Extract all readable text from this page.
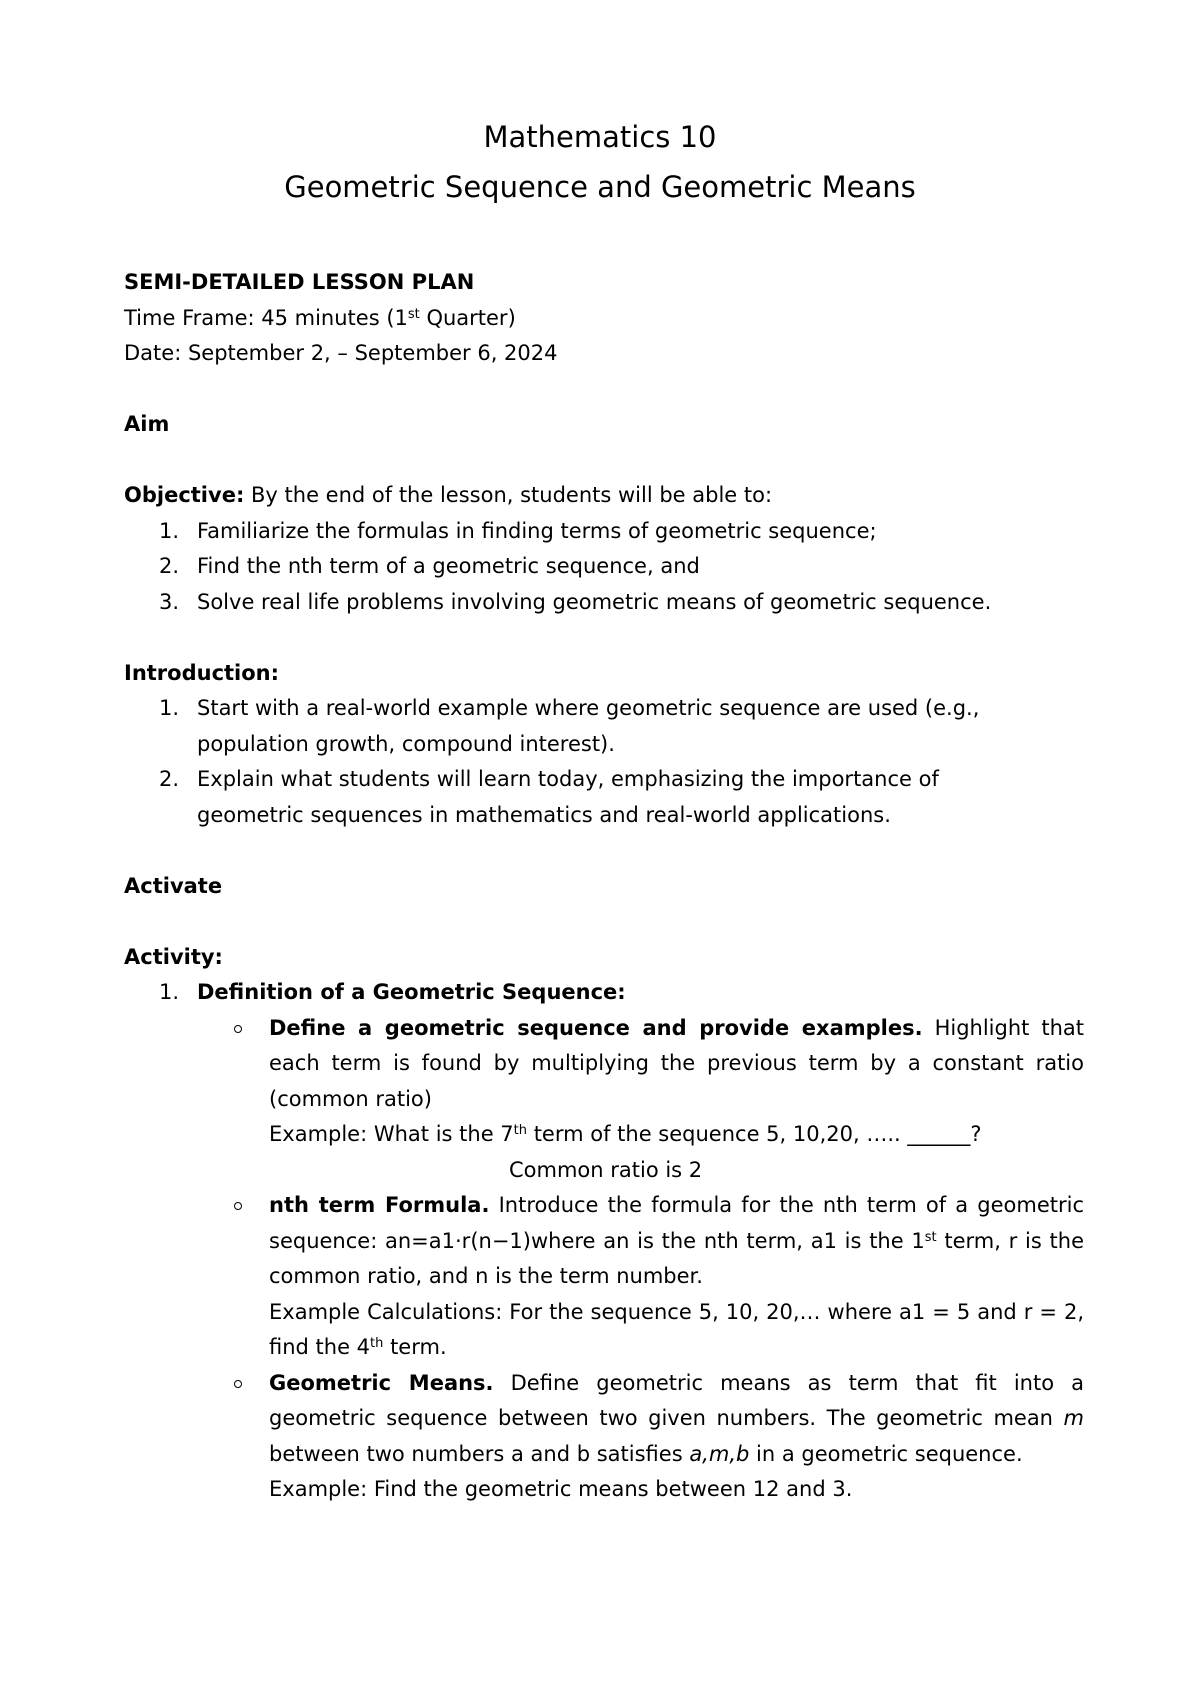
Mathematics 10

Geometric Sequence and Geometric Means

SEMI-DETAILED LESSON PLAN

Time Frame: 45 minutes (1st Quarter)

Date: September 2, – September 6, 2024

Aim

Objective: By the end of the lesson, students will be able to:

1. Familiarize the formulas in finding terms of geometric sequence;
2. Find the nth term of a geometric sequence, and
3. Solve real life problems involving geometric means of geometric sequence.

Introduction:

1. Start with a real-world example where geometric sequence are used (e.g.,
population growth, compound interest).
2. Explain what students will learn today, emphasizing the importance of
geometric sequences in mathematics and real-world applications.

Activate

Activity:

1. Definition of a Geometric Sequence:
Define a geometric sequence and provide examples. Highlight that each term is found by multiplying the previous term by a constant ratio (common ratio)
Example: What is the 7th term of the sequence 5, 10,20, ….. ______?
Common ratio is 2
nth term Formula. Introduce the formula for the nth term of a geometric sequence: an=a1⋅r(n−1)where an is the nth term, a1 is the 1st term, r is the common ratio, and n is the term number.
Example Calculations: For the sequence 5, 10, 20,… where a1 = 5 and r = 2, find the 4th term.
Geometric Means. Define geometric means as term that fit into a geometric sequence between two given numbers. The geometric mean m between two numbers a and b satisfies a,m,b in a geometric sequence.
Example: Find the geometric means between 12 and 3.
